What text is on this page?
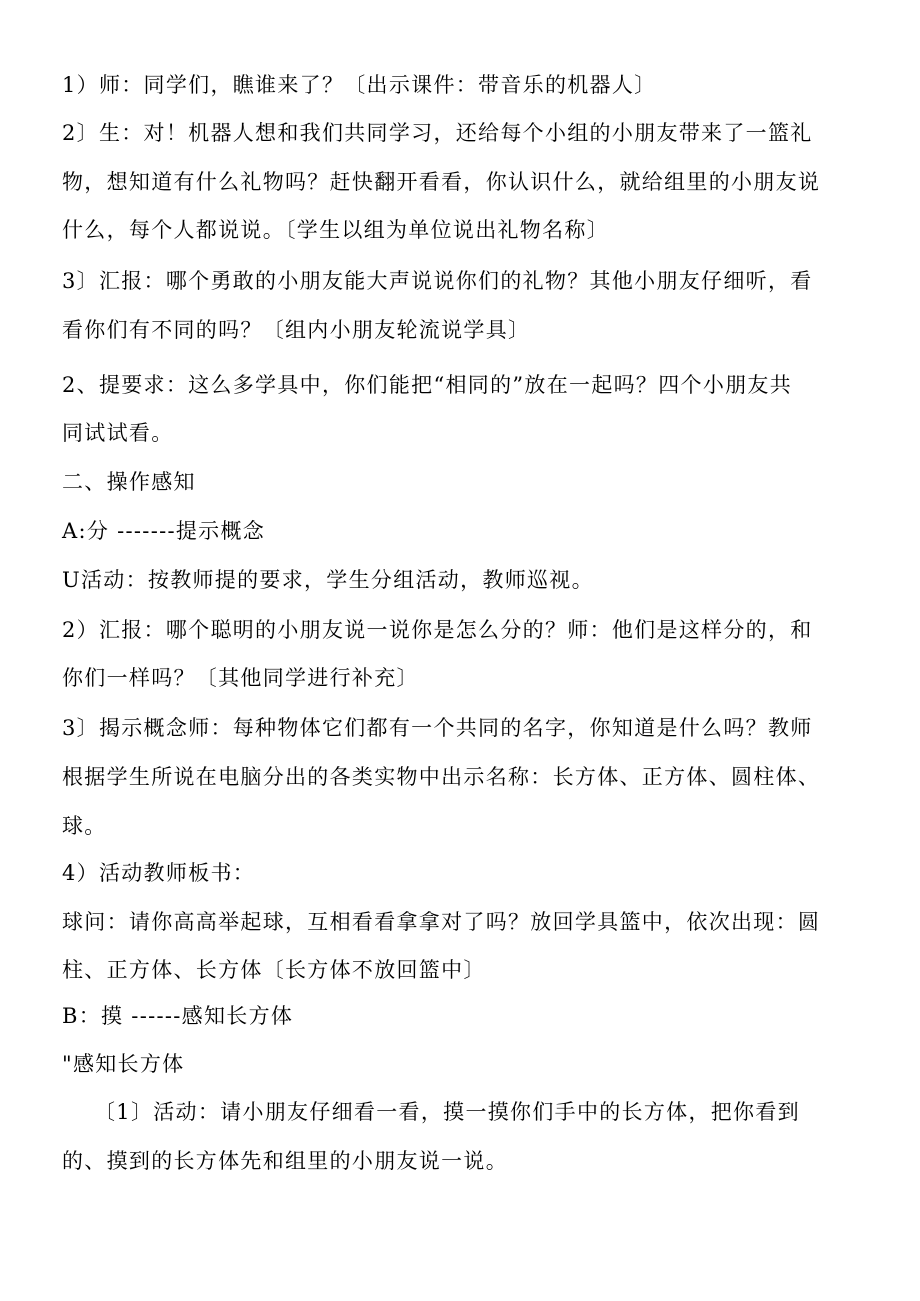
1）师：同学们，瞧谁来了？〔出示课件：带音乐的机器人〕
2〕生：对！机器人想和我们共同学习，还给每个小组的小朋友带来了一篮礼
物，想知道有什么礼物吗？赶快翻开看看，你认识什么，就给组里的小朋友说
什么，每个人都说说。〔学生以组为单位说出礼物名称〕
3〕汇报：哪个勇敢的小朋友能大声说说你们的礼物？其他小朋友仔细听，看
看你们有不同的吗？〔组内小朋友轮流说学具〕
2、提要求：这么多学具中，你们能把“相同的”放在一起吗？四个小朋友共
同试试看。
二、操作感知
A:分 -------提示概念
U活动：按教师提的要求，学生分组活动，教师巡视。
2）汇报：哪个聪明的小朋友说一说你是怎么分的？师：他们是这样分的，和
你们一样吗？〔其他同学进行补充〕
3〕揭示概念师：每种物体它们都有一个共同的名字，你知道是什么吗？教师
根据学生所说在电脑分出的各类实物中出示名称：长方体、正方体、圆柱体、
球。
4）活动教师板书：
球问：请你高高举起球，互相看看拿拿对了吗？放回学具篮中，依次出现：圆
柱、正方体、长方体〔长方体不放回篮中〕
B：摸 ------感知长方体
"感知长方体
〔1〕活动：请小朋友仔细看一看，摸一摸你们手中的长方体，把你看到
的、摸到的长方体先和组里的小朋友说一说。
